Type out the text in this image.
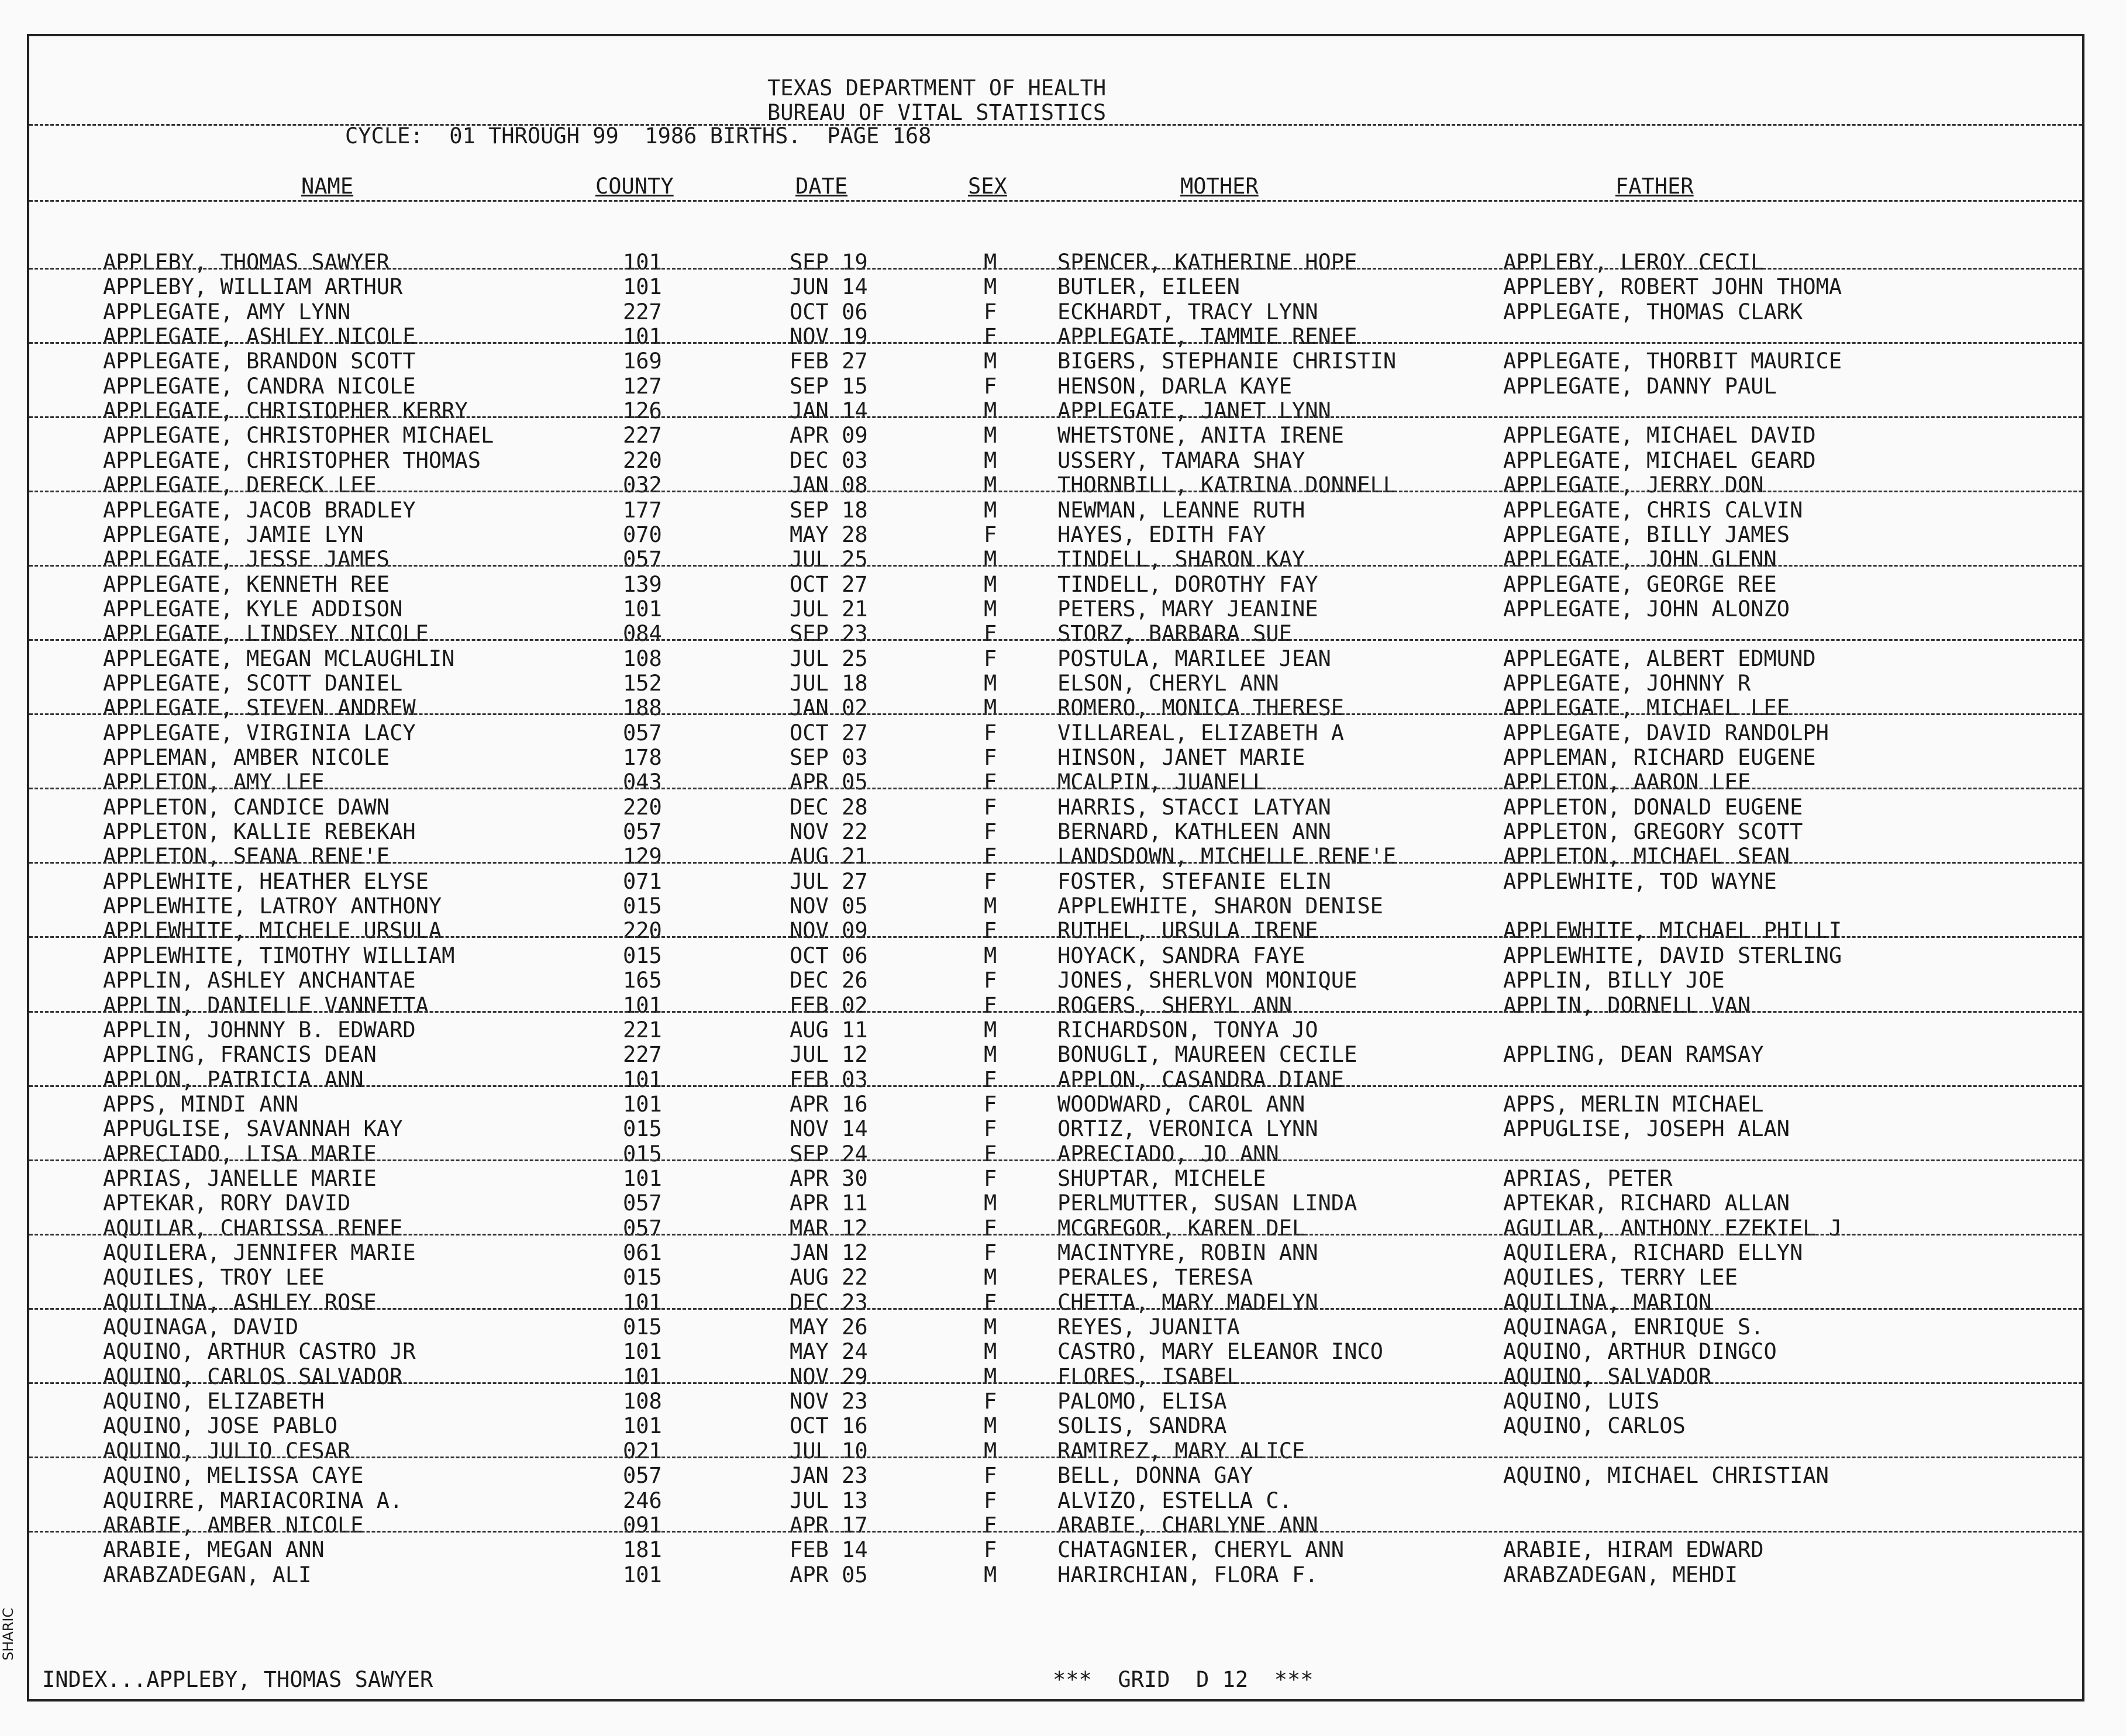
TEXAS DEPARTMENT OF HEALTH
BUREAU OF VITAL STATISTICS
CYCLE:  01 THROUGH 99  1986 BIRTHS.  PAGE 168
NAME	COUNTY	DATE	SEX	MOTHER	FATHER
APPLEBY, THOMAS SAWYER	101	SEP 19	M	SPENCER, KATHERINE HOPE	APPLEBY, LEROY CECIL
APPLEBY, WILLIAM ARTHUR	101	JUN 14	M	BUTLER, EILEEN	APPLEBY, ROBERT JOHN THOMA
APPLEGATE, AMY LYNN	227	OCT 06	F	ECKHARDT, TRACY LYNN	APPLEGATE, THOMAS CLARK
APPLEGATE, ASHLEY NICOLE	101	NOV 19	F	APPLEGATE, TAMMIE RENEE
APPLEGATE, BRANDON SCOTT	169	FEB 27	M	BIGERS, STEPHANIE CHRISTIN	APPLEGATE, THORBIT MAURICE
APPLEGATE, CANDRA NICOLE	127	SEP 15	F	HENSON, DARLA KAYE	APPLEGATE, DANNY PAUL
APPLEGATE, CHRISTOPHER KERRY	126	JAN 14	M	APPLEGATE, JANET LYNN
APPLEGATE, CHRISTOPHER MICHAEL	227	APR 09	M	WHETSTONE, ANITA IRENE	APPLEGATE, MICHAEL DAVID
APPLEGATE, CHRISTOPHER THOMAS	220	DEC 03	M	USSERY, TAMARA SHAY	APPLEGATE, MICHAEL GEARD
APPLEGATE, DERECK LEE	032	JAN 08	M	THORNBILL, KATRINA DONNELL	APPLEGATE, JERRY DON
APPLEGATE, JACOB BRADLEY	177	SEP 18	M	NEWMAN, LEANNE RUTH	APPLEGATE, CHRIS CALVIN
APPLEGATE, JAMIE LYN	070	MAY 28	F	HAYES, EDITH FAY	APPLEGATE, BILLY JAMES
APPLEGATE, JESSE JAMES	057	JUL 25	M	TINDELL, SHARON KAY	APPLEGATE, JOHN GLENN
APPLEGATE, KENNETH REE	139	OCT 27	M	TINDELL, DOROTHY FAY	APPLEGATE, GEORGE REE
APPLEGATE, KYLE ADDISON	101	JUL 21	M	PETERS, MARY JEANINE	APPLEGATE, JOHN ALONZO
APPLEGATE, LINDSEY NICOLE	084	SEP 23	F	STORZ, BARBARA SUE
APPLEGATE, MEGAN MCLAUGHLIN	108	JUL 25	F	POSTULA, MARILEE JEAN	APPLEGATE, ALBERT EDMUND
APPLEGATE, SCOTT DANIEL	152	JUL 18	M	ELSON, CHERYL ANN	APPLEGATE, JOHNNY R
APPLEGATE, STEVEN ANDREW	188	JAN 02	M	ROMERO, MONICA THERESE	APPLEGATE, MICHAEL LEE
APPLEGATE, VIRGINIA LACY	057	OCT 27	F	VILLAREAL, ELIZABETH A	APPLEGATE, DAVID RANDOLPH
APPLEMAN, AMBER NICOLE	178	SEP 03	F	HINSON, JANET MARIE	APPLEMAN, RICHARD EUGENE
APPLETON, AMY LEE	043	APR 05	F	MCALPIN, JUANELL	APPLETON, AARON LEE
APPLETON, CANDICE DAWN	220	DEC 28	F	HARRIS, STACCI LATYAN	APPLETON, DONALD EUGENE
APPLETON, KALLIE REBEKAH	057	NOV 22	F	BERNARD, KATHLEEN ANN	APPLETON, GREGORY SCOTT
APPLETON, SEANA RENE'E	129	AUG 21	F	LANDSDOWN, MICHELLE RENE'E	APPLETON, MICHAEL SEAN
APPLEWHITE, HEATHER ELYSE	071	JUL 27	F	FOSTER, STEFANIE ELIN	APPLEWHITE, TOD WAYNE
APPLEWHITE, LATROY ANTHONY	015	NOV 05	M	APPLEWHITE, SHARON DENISE
APPLEWHITE, MICHELE URSULA	220	NOV 09	F	RUTHEL, URSULA IRENE	APPLEWHITE, MICHAEL PHILLI
APPLEWHITE, TIMOTHY WILLIAM	015	OCT 06	M	HOYACK, SANDRA FAYE	APPLEWHITE, DAVID STERLING
APPLIN, ASHLEY ANCHANTAE	165	DEC 26	F	JONES, SHERLVON MONIQUE	APPLIN, BILLY JOE
APPLIN, DANIELLE VANNETTA	101	FEB 02	F	ROGERS, SHERYL ANN	APPLIN, DORNELL VAN
APPLIN, JOHNNY B. EDWARD	221	AUG 11	M	RICHARDSON, TONYA JO
APPLING, FRANCIS DEAN	227	JUL 12	M	BONUGLI, MAUREEN CECILE	APPLING, DEAN RAMSAY
APPLON, PATRICIA ANN	101	FEB 03	F	APPLON, CASANDRA DIANE
APPS, MINDI ANN	101	APR 16	F	WOODWARD, CAROL ANN	APPS, MERLIN MICHAEL
APPUGLISE, SAVANNAH KAY	015	NOV 14	F	ORTIZ, VERONICA LYNN	APPUGLISE, JOSEPH ALAN
APRECIADO, LISA MARIE	015	SEP 24	F	APRECIADO, JO ANN
APRIAS, JANELLE MARIE	101	APR 30	F	SHUPTAR, MICHELE	APRIAS, PETER
APTEKAR, RORY DAVID	057	APR 11	M	PERLMUTTER, SUSAN LINDA	APTEKAR, RICHARD ALLAN
AQUILAR, CHARISSA RENEE	057	MAR 12	F	MCGREGOR, KAREN DEL	AGUILAR, ANTHONY EZEKIEL J
AQUILERA, JENNIFER MARIE	061	JAN 12	F	MACINTYRE, ROBIN ANN	AQUILERA, RICHARD ELLYN
AQUILES, TROY LEE	015	AUG 22	M	PERALES, TERESA	AQUILES, TERRY LEE
AQUILINA, ASHLEY ROSE	101	DEC 23	F	CHETTA, MARY MADELYN	AQUILINA, MARION
AQUINAGA, DAVID	015	MAY 26	M	REYES, JUANITA	AQUINAGA, ENRIQUE S.
AQUINO, ARTHUR CASTRO JR	101	MAY 24	M	CASTRO, MARY ELEANOR INCO	AQUINO, ARTHUR DINGCO
AQUINO, CARLOS SALVADOR	101	NOV 29	M	FLORES, ISABEL	AQUINO, SALVADOR
AQUINO, ELIZABETH	108	NOV 23	F	PALOMO, ELISA	AQUINO, LUIS
AQUINO, JOSE PABLO	101	OCT 16	M	SOLIS, SANDRA	AQUINO, CARLOS
AQUINO, JULIO CESAR	021	JUL 10	M	RAMIREZ, MARY ALICE
AQUINO, MELISSA CAYE	057	JAN 23	F	BELL, DONNA GAY	AQUINO, MICHAEL CHRISTIAN
AQUIRRE, MARIACORINA A.	246	JUL 13	F	ALVIZO, ESTELLA C.
ARABIE, AMBER NICOLE	091	APR 17	F	ARABIE, CHARLYNE ANN
ARABIE, MEGAN ANN	181	FEB 14	F	CHATAGNIER, CHERYL ANN	ARABIE, HIRAM EDWARD
ARABZADEGAN, ALI	101	APR 05	M	HARIRCHIAN, FLORA F.	ARABZADEGAN, MEHDI
INDEX...APPLEBY, THOMAS SAWYER	***  GRID  D 12  ***
SHARIC
